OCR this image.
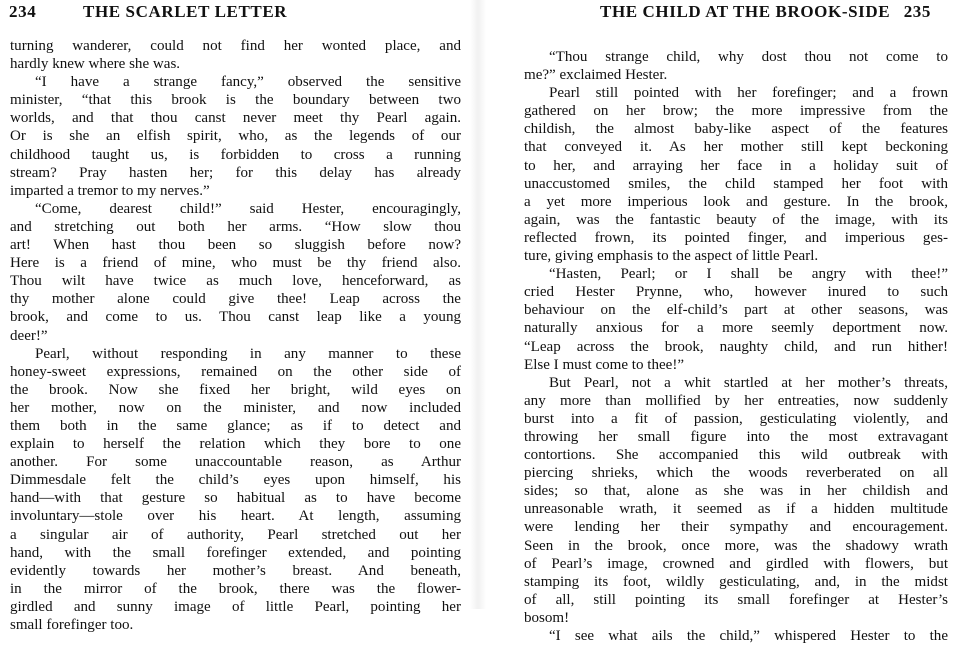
234	THE SCARLET LETTER
turning wanderer, could not find her wonted place, and
hardly knew where she was.
“I have a strange fancy,” observed the sensitive
minister, “that this brook is the boundary between two
worlds, and that thou canst never meet thy Pearl again.
Or is she an elfish spirit, who, as the legends of our
childhood taught us, is forbidden to cross a running
stream? Pray hasten her; for this delay has already
imparted a tremor to my nerves.”
“Come, dearest child!” said Hester, encouragingly,
and stretching out both her arms. “How slow thou
art! When hast thou been so sluggish before now?
Here is a friend of mine, who must be thy friend also.
Thou wilt have twice as much love, henceforward, as
thy mother alone could give thee! Leap across the
brook, and come to us. Thou canst leap like a young
deer!”
Pearl, without responding in any manner to these
honey-sweet expressions, remained on the other side of
the brook. Now she fixed her bright, wild eyes on
her mother, now on the minister, and now included
them both in the same glance; as if to detect and
explain to herself the relation which they bore to one
another. For some unaccountable reason, as Arthur
Dimmesdale felt the child’s eyes upon himself, his
hand—with that gesture so habitual as to have become
involuntary—stole over his heart. At length, assuming
a singular air of authority, Pearl stretched out her
hand, with the small forefinger extended, and pointing
evidently towards her mother’s breast. And beneath,
in the mirror of the brook, there was the flower-
girdled and sunny image of little Pearl, pointing her
small forefinger too.
THE CHILD AT THE BROOK-SIDE 235
“Thou strange child, why dost thou not come to
me?” exclaimed Hester.
Pearl still pointed with her forefinger; and a frown
gathered on her brow; the more impressive from the
childish, the almost baby-like aspect of the features
that conveyed it. As her mother still kept beckoning
to her, and arraying her face in a holiday suit of
unaccustomed smiles, the child stamped her foot with
a yet more imperious look and gesture. In the brook,
again, was the fantastic beauty of the image, with its
reflected frown, its pointed finger, and imperious ges-
ture, giving emphasis to the aspect of little Pearl.
“Hasten, Pearl; or I shall be angry with thee!”
cried Hester Prynne, who, however inured to such
behaviour on the elf-child’s part at other seasons, was
naturally anxious for a more seemly deportment now.
“Leap across the brook, naughty child, and run hither!
Else I must come to thee!”
But Pearl, not a whit startled at her mother’s threats,
any more than mollified by her entreaties, now suddenly
burst into a fit of passion, gesticulating violently, and
throwing her small figure into the most extravagant
contortions. She accompanied this wild outbreak with
piercing shrieks, which the woods reverberated on all
sides; so that, alone as she was in her childish and
unreasonable wrath, it seemed as if a hidden multitude
were lending her their sympathy and encouragement.
Seen in the brook, once more, was the shadowy wrath
of Pearl’s image, crowned and girdled with flowers, but
stamping its foot, wildly gesticulating, and, in the midst
of all, still pointing its small forefinger at Hester’s
bosom!
“I see what ails the child,” whispered Hester to the
